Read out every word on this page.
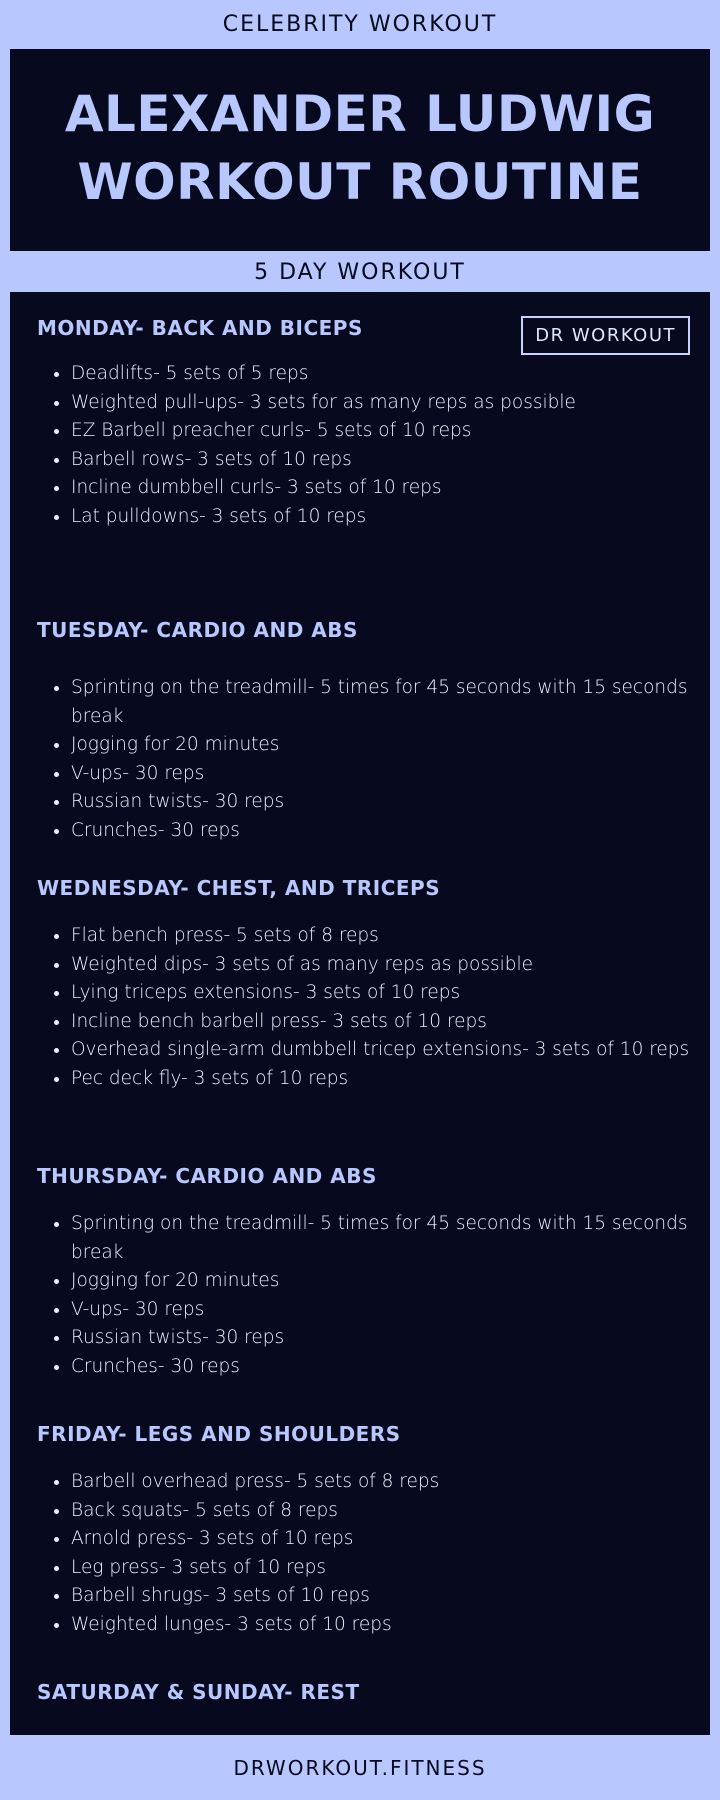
CELEBRITY WORKOUT
ALEXANDER LUDWIG
WORKOUT ROUTINE
5 DAY WORKOUT
DR WORKOUT
MONDAY- BACK AND BICEPS
Deadlifts- 5 sets of 5 reps
Weighted pull-ups- 3 sets for as many reps as possible
EZ Barbell preacher curls- 5 sets of 10 reps
Barbell rows- 3 sets of 10 reps
Incline dumbbell curls- 3 sets of 10 reps
Lat pulldowns- 3 sets of 10 reps
TUESDAY- CARDIO AND ABS
Sprinting on the treadmill- 5 times for 45 seconds with 15 seconds break
Jogging for 20 minutes
V-ups- 30 reps
Russian twists- 30 reps
Crunches- 30 reps
WEDNESDAY- CHEST, AND TRICEPS
Flat bench press- 5 sets of 8 reps
Weighted dips- 3 sets of as many reps as possible
Lying triceps extensions- 3 sets of 10 reps
Incline bench barbell press- 3 sets of 10 reps
Overhead single-arm dumbbell tricep extensions- 3 sets of 10 reps
Pec deck fly- 3 sets of 10 reps
THURSDAY- CARDIO AND ABS
Sprinting on the treadmill- 5 times for 45 seconds with 15 seconds break
Jogging for 20 minutes
V-ups- 30 reps
Russian twists- 30 reps
Crunches- 30 reps
FRIDAY- LEGS AND SHOULDERS
Barbell overhead press- 5 sets of 8 reps
Back squats- 5 sets of 8 reps
Arnold press- 3 sets of 10 reps
Leg press- 3 sets of 10 reps
Barbell shrugs- 3 sets of 10 reps
Weighted lunges- 3 sets of 10 reps
SATURDAY & SUNDAY- REST
DRWORKOUT.FITNESS
